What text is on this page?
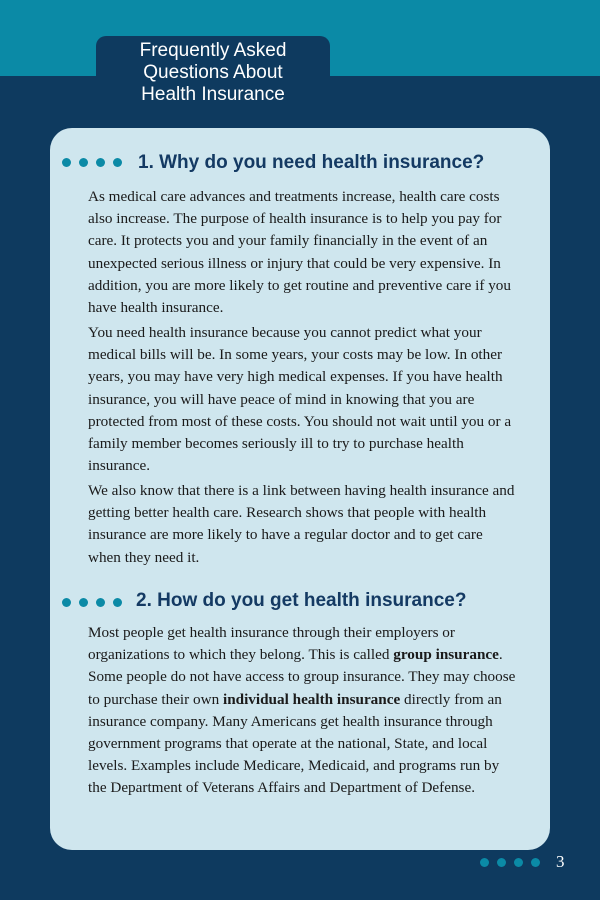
Frequently Asked
Questions About
Health Insurance
1. Why do you need health insurance?

As medical care advances and treatments increase, health care costs also increase. The purpose of health insurance is to help you pay for care. It protects you and your family financially in the event of an unexpected serious illness or injury that could be very expensive. In addition, you are more likely to get routine and preventive care if you have health insurance.

You need health insurance because you cannot predict what your medical bills will be. In some years, your costs may be low. In other years, you may have very high medical expenses. If you have health insurance, you will have peace of mind in knowing that you are protected from most of these costs. You should not wait until you or a family member becomes seriously ill to try to purchase health insurance.

We also know that there is a link between having health insurance and getting better health care. Research shows that people with health insurance are more likely to have a regular doctor and to get care when they need it.

2. How do you get health insurance?

Most people get health insurance through their employers or organizations to which they belong. This is called group insurance. Some people do not have access to group insurance. They may choose to purchase their own individual health insurance directly from an insurance company. Many Americans get health insurance through government programs that operate at the national, State, and local levels. Examples include Medicare, Medicaid, and programs run by the Department of Veterans Affairs and Department of Defense.

3
